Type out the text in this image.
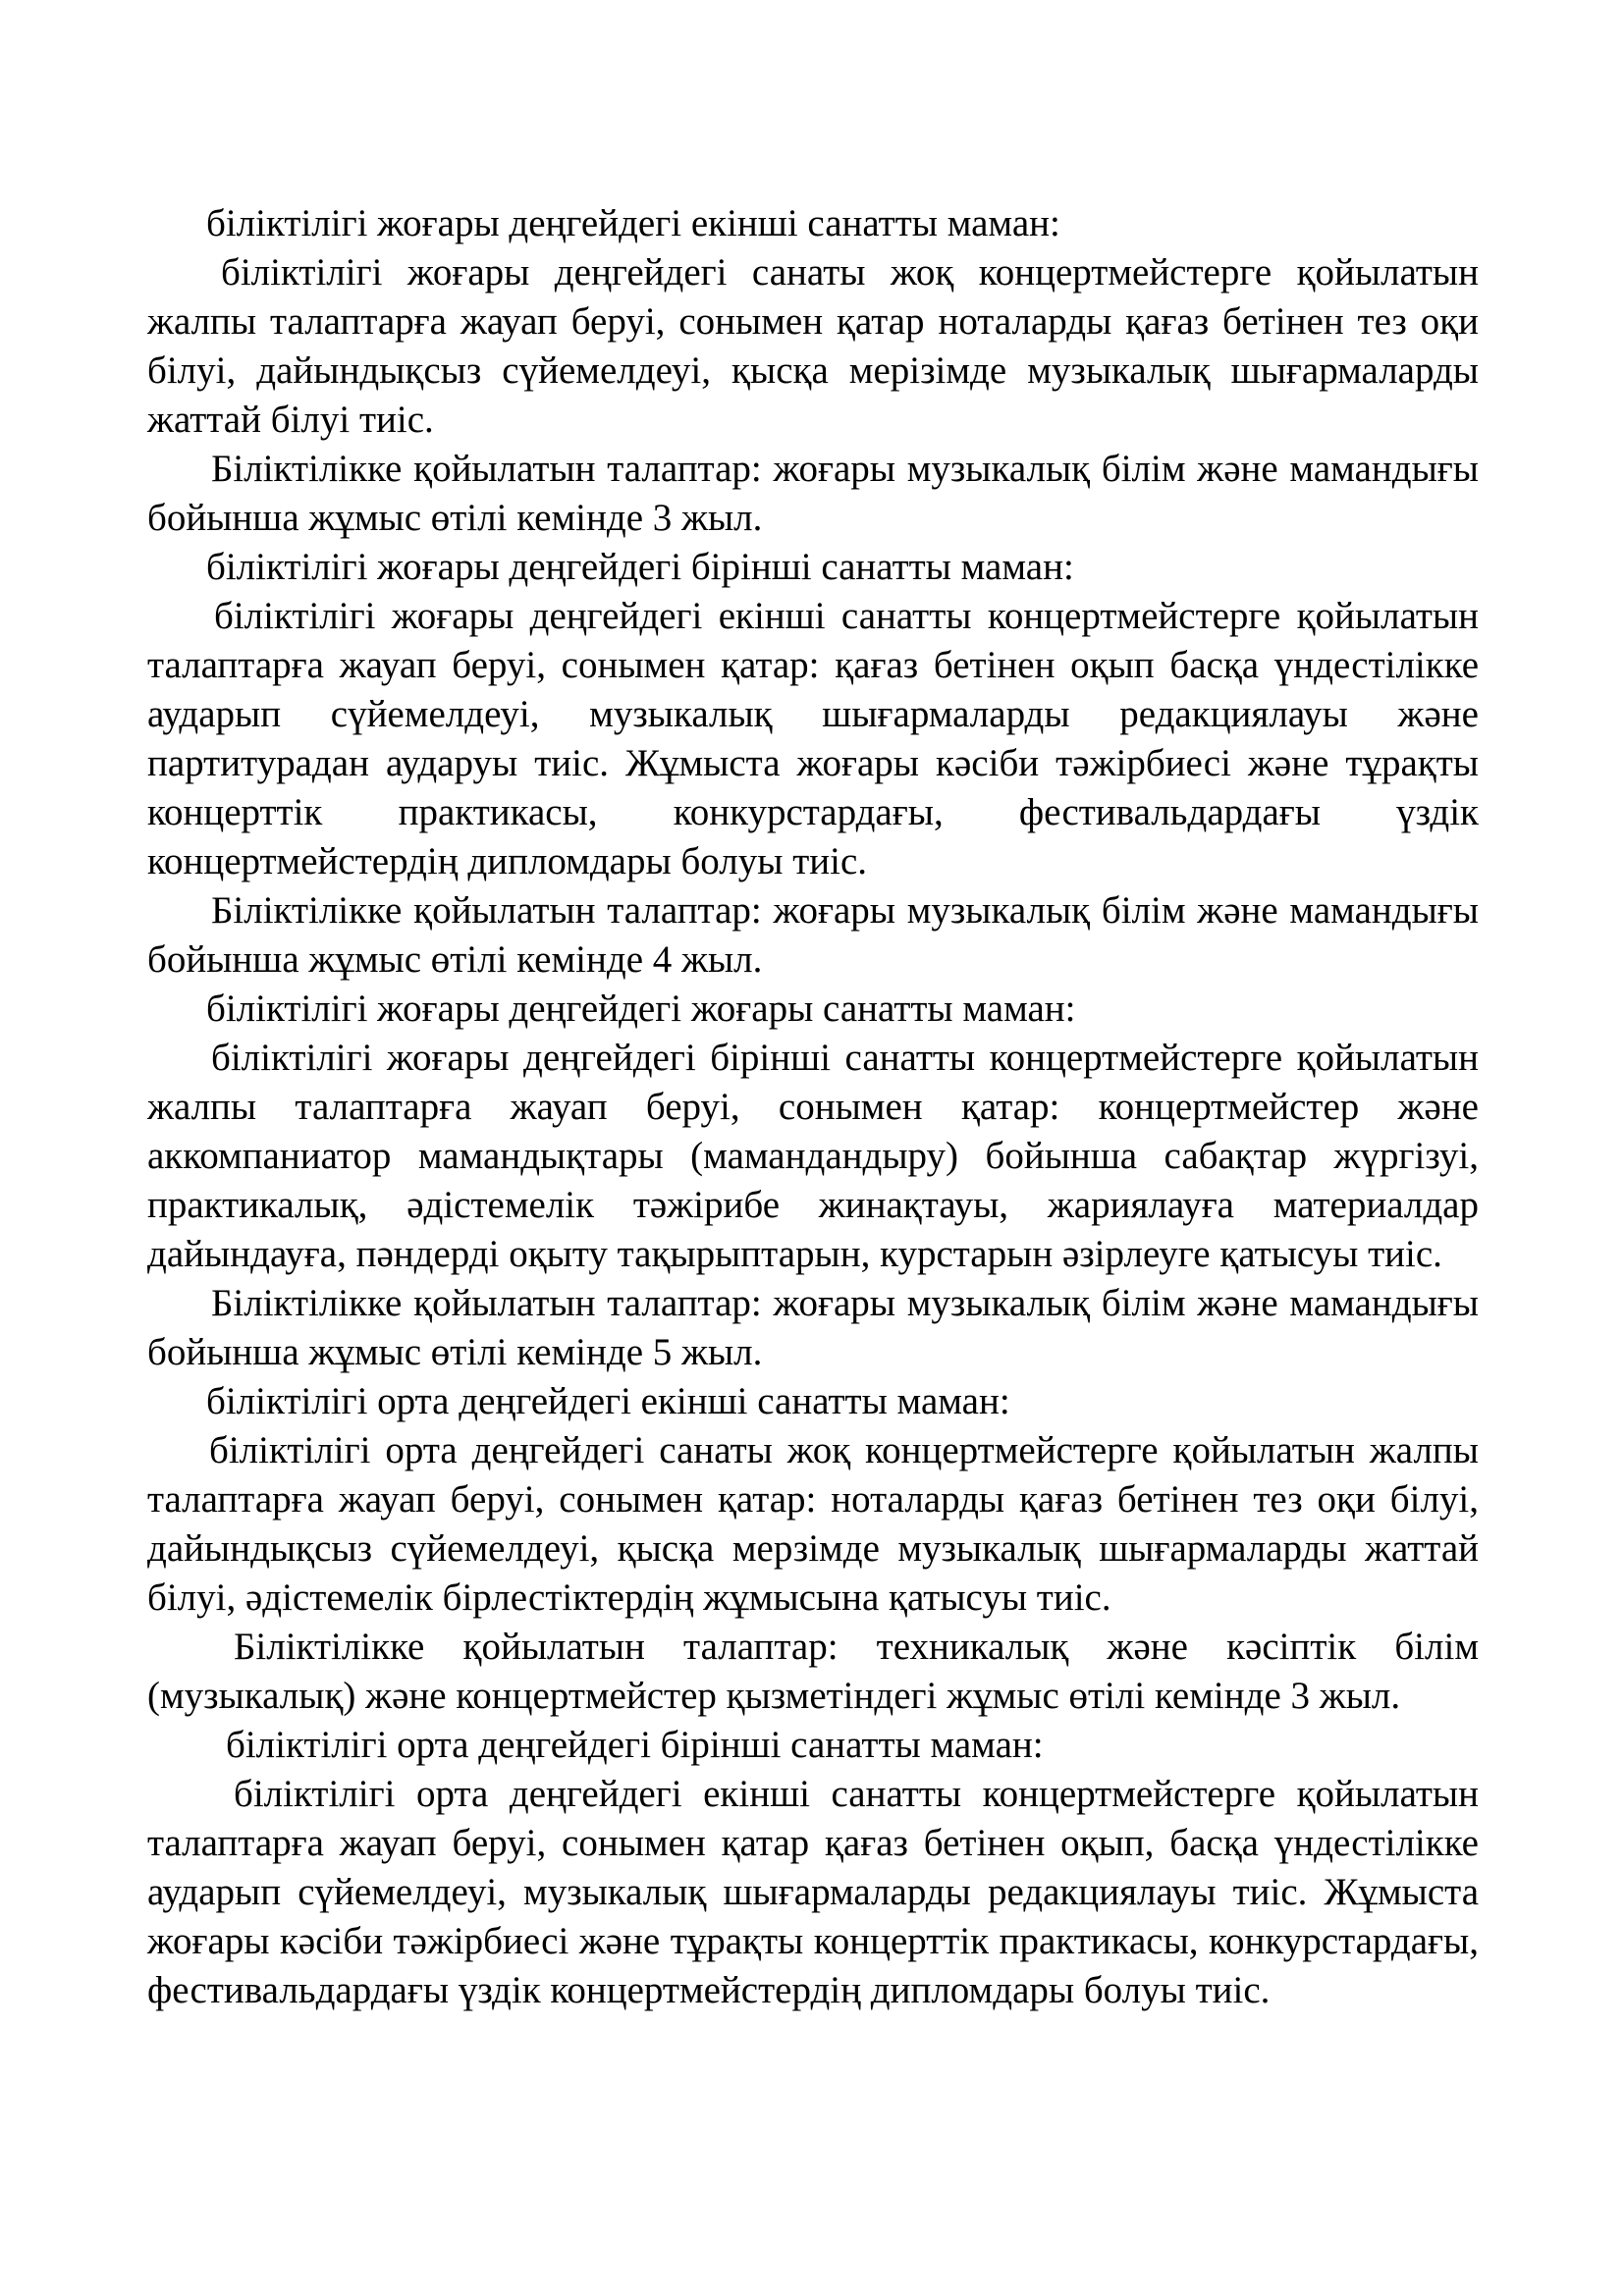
біліктілігі жоғары деңгейдегі екінші санатты маман:

біліктілігі жоғары деңгейдегі санаты жоқ концертмейстерге қойылатын жалпы талаптарға жауап беруі, сонымен қатар ноталарды қағаз бетінен тез оқи білуі, дайындықсыз сүйемелдеуі, қысқа мерізімде музыкалық шығармаларды жаттай білуі тиіс.

Біліктілікке қойылатын талаптар: жоғары музыкалық білім және мамандығы бойынша жұмыс өтілі кемінде 3 жыл.

біліктілігі жоғары деңгейдегі бірінші санатты маман:

біліктілігі жоғары деңгейдегі екінші санатты концертмейстерге қойылатын талаптарға жауап беруі, сонымен қатар: қағаз бетінен оқып басқа үндестілікке аударып сүйемелдеуі, музыкалық шығармаларды редакциялауы және партитурадан аударуы тиіс. Жұмыста жоғары кәсіби тәжірбиесі және тұрақты концерттік практикасы, конкурстардағы, фестивальдардағы үздік концертмейстердің дипломдары болуы тиіс.

Біліктілікке қойылатын талаптар: жоғары музыкалық білім және мамандығы бойынша жұмыс өтілі кемінде 4 жыл.

біліктілігі жоғары деңгейдегі жоғары санатты маман:

біліктілігі жоғары деңгейдегі бірінші санатты концертмейстерге қойылатын жалпы талаптарға жауап беруі, сонымен қатар: концертмейстер және аккомпаниатор мамандықтары (мамандандыру) бойынша сабақтар жүргізуі, практикалық, әдістемелік тәжірибе жинақтауы, жариялауға материалдар дайындауға, пәндерді оқыту тақырыптарын, курстарын әзірлеуге қатысуы тиіс.

Біліктілікке қойылатын талаптар: жоғары музыкалық білім және мамандығы бойынша жұмыс өтілі кемінде 5 жыл.

біліктілігі орта деңгейдегі екінші санатты маман:

біліктілігі орта деңгейдегі санаты жоқ концертмейстерге қойылатын жалпы талаптарға жауап беруі, сонымен қатар: ноталарды қағаз бетінен тез оқи білуі, дайындықсыз сүйемелдеуі, қысқа мерзімде музыкалық шығармаларды жаттай білуі, әдістемелік бірлестіктердің жұмысына қатысуы тиіс.

Біліктілікке қойылатын талаптар: техникалық және кәсіптік білім (музыкалық) және концертмейстер қызметіндегі жұмыс өтілі кемінде 3 жыл.

біліктілігі орта деңгейдегі бірінші санатты маман:

біліктілігі орта деңгейдегі екінші санатты концертмейстерге қойылатын талаптарға жауап беруі, сонымен қатар қағаз бетінен оқып, басқа үндестілікке аударып сүйемелдеуі, музыкалық шығармаларды редакциялауы тиіс. Жұмыста жоғары кәсіби тәжірбиесі және тұрақты концерттік практикасы, конкурстардағы, фестивальдардағы үздік концертмейстердің дипломдары болуы тиіс.
